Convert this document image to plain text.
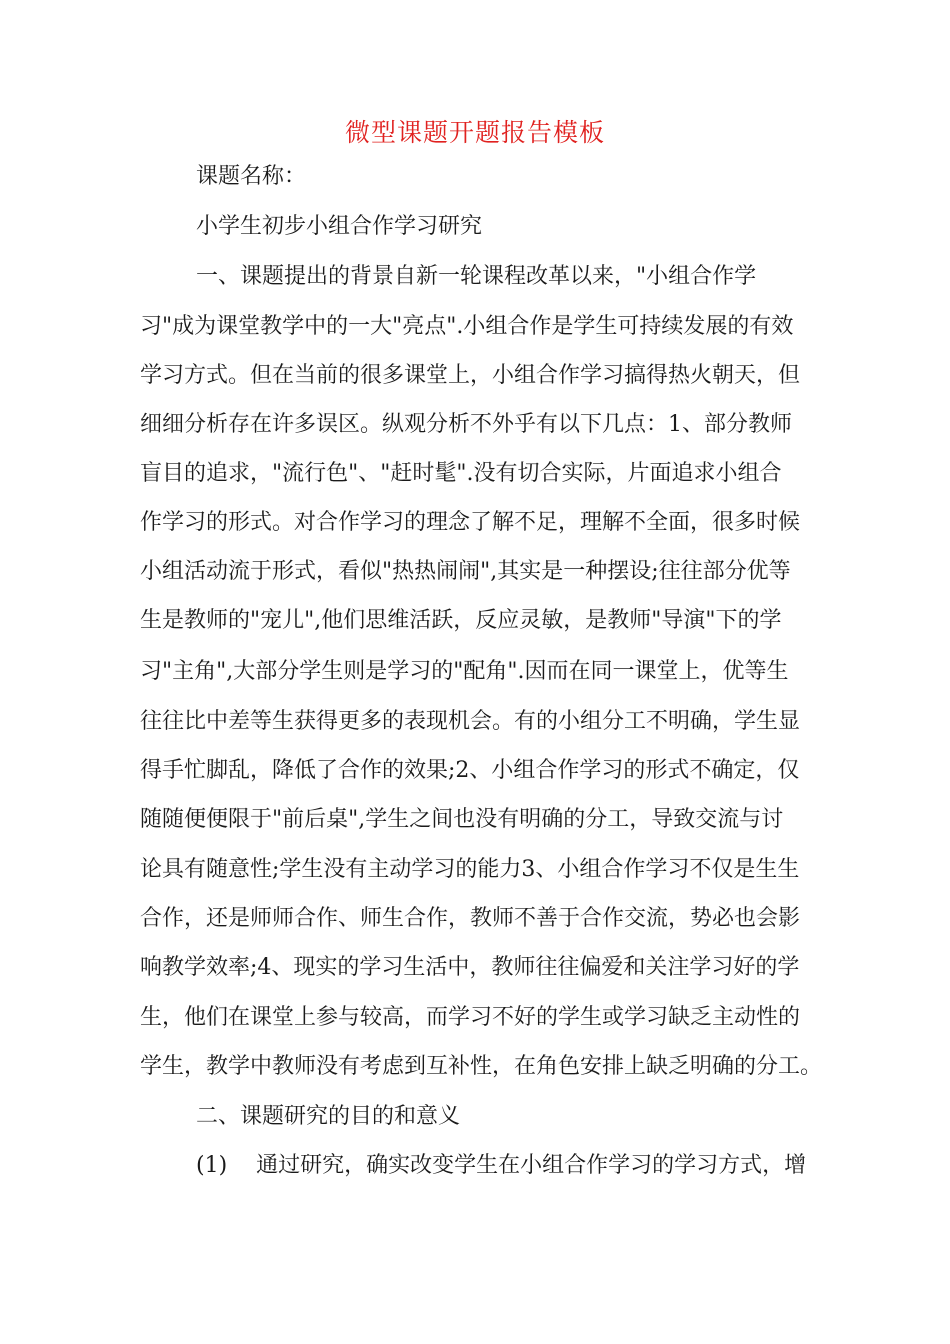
微型课题开题报告模板
课题名称：
小学生初步小组合作学习研究
一、课题提出的背景自新一轮课程改革以来，"小组合作学
习"成为课堂教学中的一大"亮点".小组合作是学生可持续发展的有效
学习方式。但在当前的很多课堂上，小组合作学习搞得热火朝天，但
细细分析存在许多误区。纵观分析不外乎有以下几点：1、部分教师
盲目的追求，"流行色"、"赶时髦".没有切合实际，片面追求小组合
作学习的形式。对合作学习的理念了解不足，理解不全面，很多时候
小组活动流于形式，看似"热热闹闹",其实是一种摆设;往往部分优等
生是教师的"宠儿",他们思维活跃，反应灵敏，是教师"导演"下的学
习"主角",大部分学生则是学习的"配角".因而在同一课堂上，优等生
往往比中差等生获得更多的表现机会。有的小组分工不明确，学生显
得手忙脚乱，降低了合作的效果;2、小组合作学习的形式不确定，仅
随随便便限于"前后桌",学生之间也没有明确的分工，导致交流与讨
论具有随意性;学生没有主动学习的能力3、小组合作学习不仅是生生
合作，还是师师合作、师生合作，教师不善于合作交流，势必也会影
响教学效率;4、现实的学习生活中，教师往往偏爱和关注学习好的学
生，他们在课堂上参与较高，而学习不好的学生或学习缺乏主动性的
学生，教学中教师没有考虑到互补性，在角色安排上缺乏明确的分工。
二、课题研究的目的和意义
(1)　 通过研究，确实改变学生在小组合作学习的学习方式，增
